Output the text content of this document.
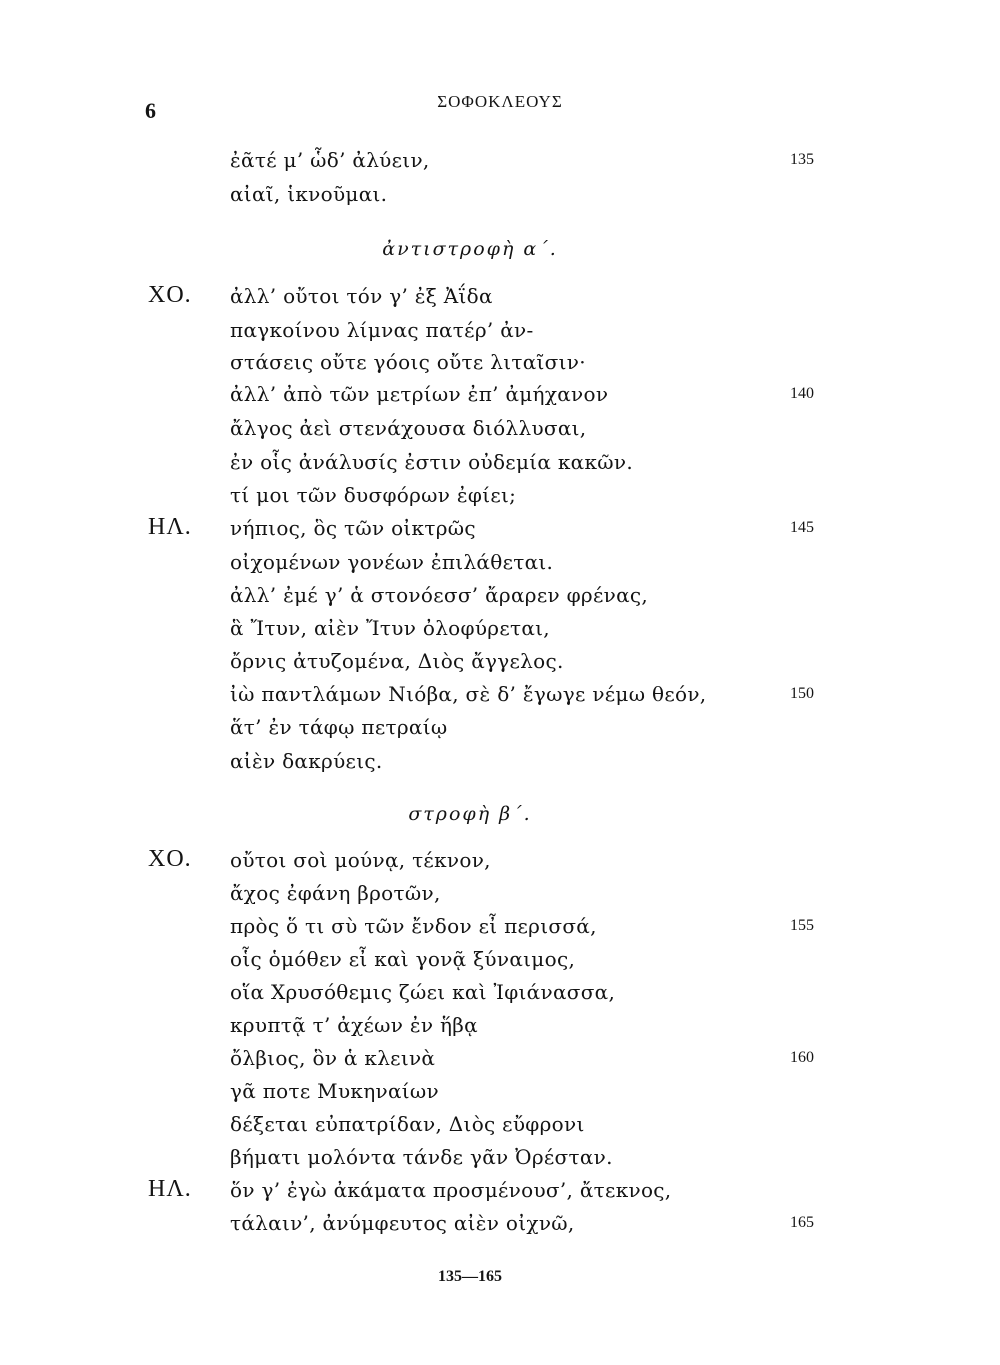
6	ΣΟΦΟΚΛΕΟΥΣ
ἐᾶτέ μ’ ὧδ’ ἀλύειν,	135
αἰαῖ, ἱκνοῦμαι.
ἀντιστροφὴ α΄.
ΧΟ. ἀλλ’ οὔτοι τόν γ’ ἐξ Ἀΐδα
παγκοίνου λίμνας πατέρ’ ἀν-
στάσεις οὔτε γόοις οὔτε λιταῖσιν·
ἀλλ’ ἀπὸ τῶν μετρίων ἐπ’ ἀμήχανον	140
ἄλγος ἀεὶ στενάχουσα διόλλυσαι,
ἐν οἷς ἀνάλυσίς ἐστιν οὐδεμία κακῶν.
τί μοι τῶν δυσφόρων ἐφίει;
ΗΛ. νήπιος, ὃς τῶν οἰκτρῶς	145
οἰχομένων γονέων ἐπιλάθεται.
ἀλλ’ ἐμέ γ’ ἁ στονόεσσ’ ἄραρεν φρένας,
ἃ Ἴτυν, αἰὲν Ἴτυν ὀλοφύρεται,
ὄρνις ἀτυζομένα, Διὸς ἄγγελος.
ἰὼ παντλάμων Νιόβα, σὲ δ’ ἔγωγε νέμω θεόν,	150
ἅτ’ ἐν τάφῳ πετραίῳ
αἰὲν δακρύεις.
στροφὴ β΄.
ΧΟ. οὔτοι σοὶ μούνᾳ, τέκνον,
ἄχος ἐφάνη βροτῶν,
πρὸς ὅ τι σὺ τῶν ἔνδον εἶ περισσά,	155
οἷς ὁμόθεν εἶ καὶ γονᾷ ξύναιμος,
οἵα Χρυσόθεμις ζώει καὶ Ἰφιάνασσα,
κρυπτᾷ τ’ ἀχέων ἐν ἥβᾳ
ὄλβιος, ὃν ἁ κλεινὰ	160
γᾶ ποτε Μυκηναίων
δέξεται εὐπατρίδαν, Διὸς εὔφρονι
βήματι μολόντα τάνδε γᾶν Ὀρέσταν.
ΗΛ. ὅν γ’ ἐγὼ ἀκάματα προσμένουσ’, ἄτεκνος,
τάλαιν’, ἀνύμφευτος αἰὲν οἰχνῶ,	165
135—165
